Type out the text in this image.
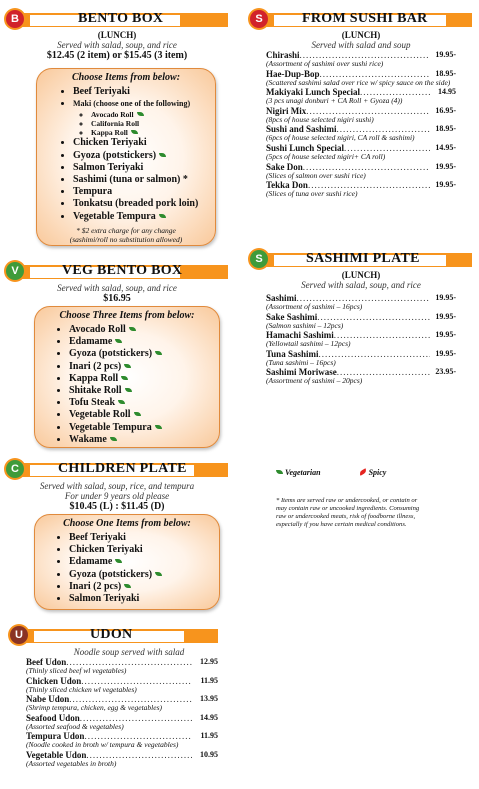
B	BENTO BOX
(LUNCH)
Served with salad, soup, and rice
$12.45 (2 item) or $15.45 (3 item)
Choose Items from below:
• Beef Teriyaki
• Maki (choose one of the following)
◦ Avocado Roll
◦ California Roll
◦ Kappa Roll
• Chicken Teriyaki
• Gyoza (potstickers)
• Salmon Teriyaki
• Sashimi (tuna or salmon) *
• Tempura
• Tonkatsu (breaded pork loin)
• Vegetable Tempura
* $2 extra charge for any change (sashimi/roll no substitution allowed)
V	VEG BENTO BOX
Served with salad, soup, and rice
$16.95
Choose Three Items from below:
• Avocado Roll
• Edamame
• Gyoza (potstickers)
• Inari (2 pcs)
• Kappa Roll
• Shitake Roll
• Tofu Steak
• Vegetable Roll
• Vegetable Tempura
• Wakame
C	CHILDREN PLATE
Served with salad, soup, rice, and tempura
For under 9 years old please
$10.45 (L) : $11.45 (D)
Choose One Items from below:
• Beef Teriyaki
• Chicken Teriyaki
• Edamame
• Gyoza (potstickers)
• Inari (2 pcs)
• Salmon Teriyaki
U	UDON
Noodle soup served with salad
Beef Udon .....	12.95
(Thinly sliced beef wl vegetables)
Chicken Udon .....	11.95
(Thinly sliced chicken wl vegetables)
Nabe Udon .....	13.95
(Shrimp tempura, chicken, egg & vegetables)
Seafood Udon .....	14.95
(Assorted seafood & vegetables)
Tempura Udon .....	11.95
(Noodle cooked in broth w/ tempura & vegetables)
Vegetable Udon .....	10.95
(Assorted vegetables in broth)
S	FROM SUSHI BAR
(LUNCH)
Served with salad and soup
Chirashi .....	19.95-
(Assortment of sashimi over sushi rice)
Hae-Dup-Bop .....	18.95-
(Scattered sashimi salad over rice w/ spicy sauce on the side)
Makiyaki Lunch Special .....	14.95
(3 pcs unagi donburi + CA Roll + Gyoza (4))
Nigiri Mix .....	16.95-
(8pcs of house selected nigiri sushi)
Sushi and Sashimi .....	18.95-
(6pcs of house selected nigiri, CA roll & sashimi)
Sushi Lunch Special .....	14.95-
(5pcs of house selected nigiri+ CA roll)
Sake Don .....	19.95-
(Slices of salmon over sushi rice)
Tekka Don .....	19.95-
(Slices of tuna over sushi rice)
S	SASHIMI PLATE
(LUNCH)
Served with salad, soup, and rice
Sashimi .....	19.95-
(Assortment of sashimi – 16pcs)
Sake Sashimi .....	19.95-
(Salmon sashimi – 12pcs)
Hamachi Sashimi .....	19.95-
(Yellowtail sashimi – 12pcs)
Tuna Sashimi .....	19.95-
(Tuna sashimi – 16pcs)
Sashimi Moriwase .....	23.95-
(Assortment of sashimi – 20pcs)
Vegetarian	Spicy
* Items are served raw or undercooked, or contain or may contain raw or uncooked ingredients. Consuming raw or undercooked meats, risk of foodborne illness, especially if you have certain medical conditions.
